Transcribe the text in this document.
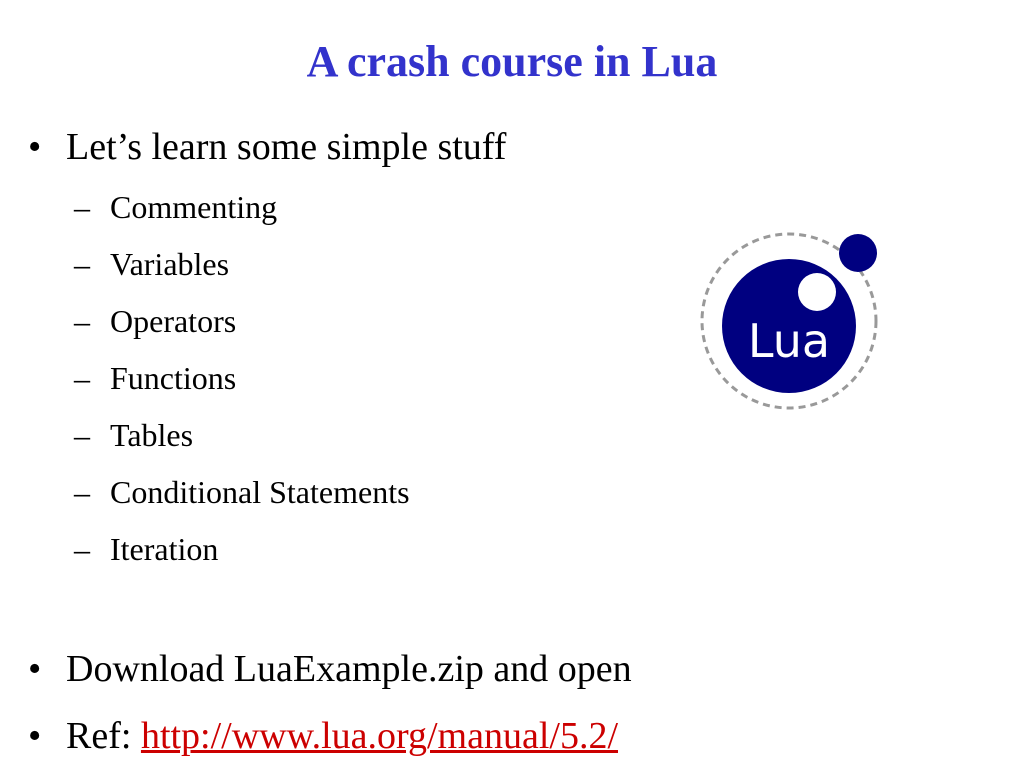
A crash course in Lua
• Let’s learn some simple stuff
– Commenting
– Variables
– Operators
– Functions
– Tables
– Conditional Statements
– Iteration
• Download LuaExample.zip and open
• Ref: http://www.lua.org/manual/5.2/
Lua
